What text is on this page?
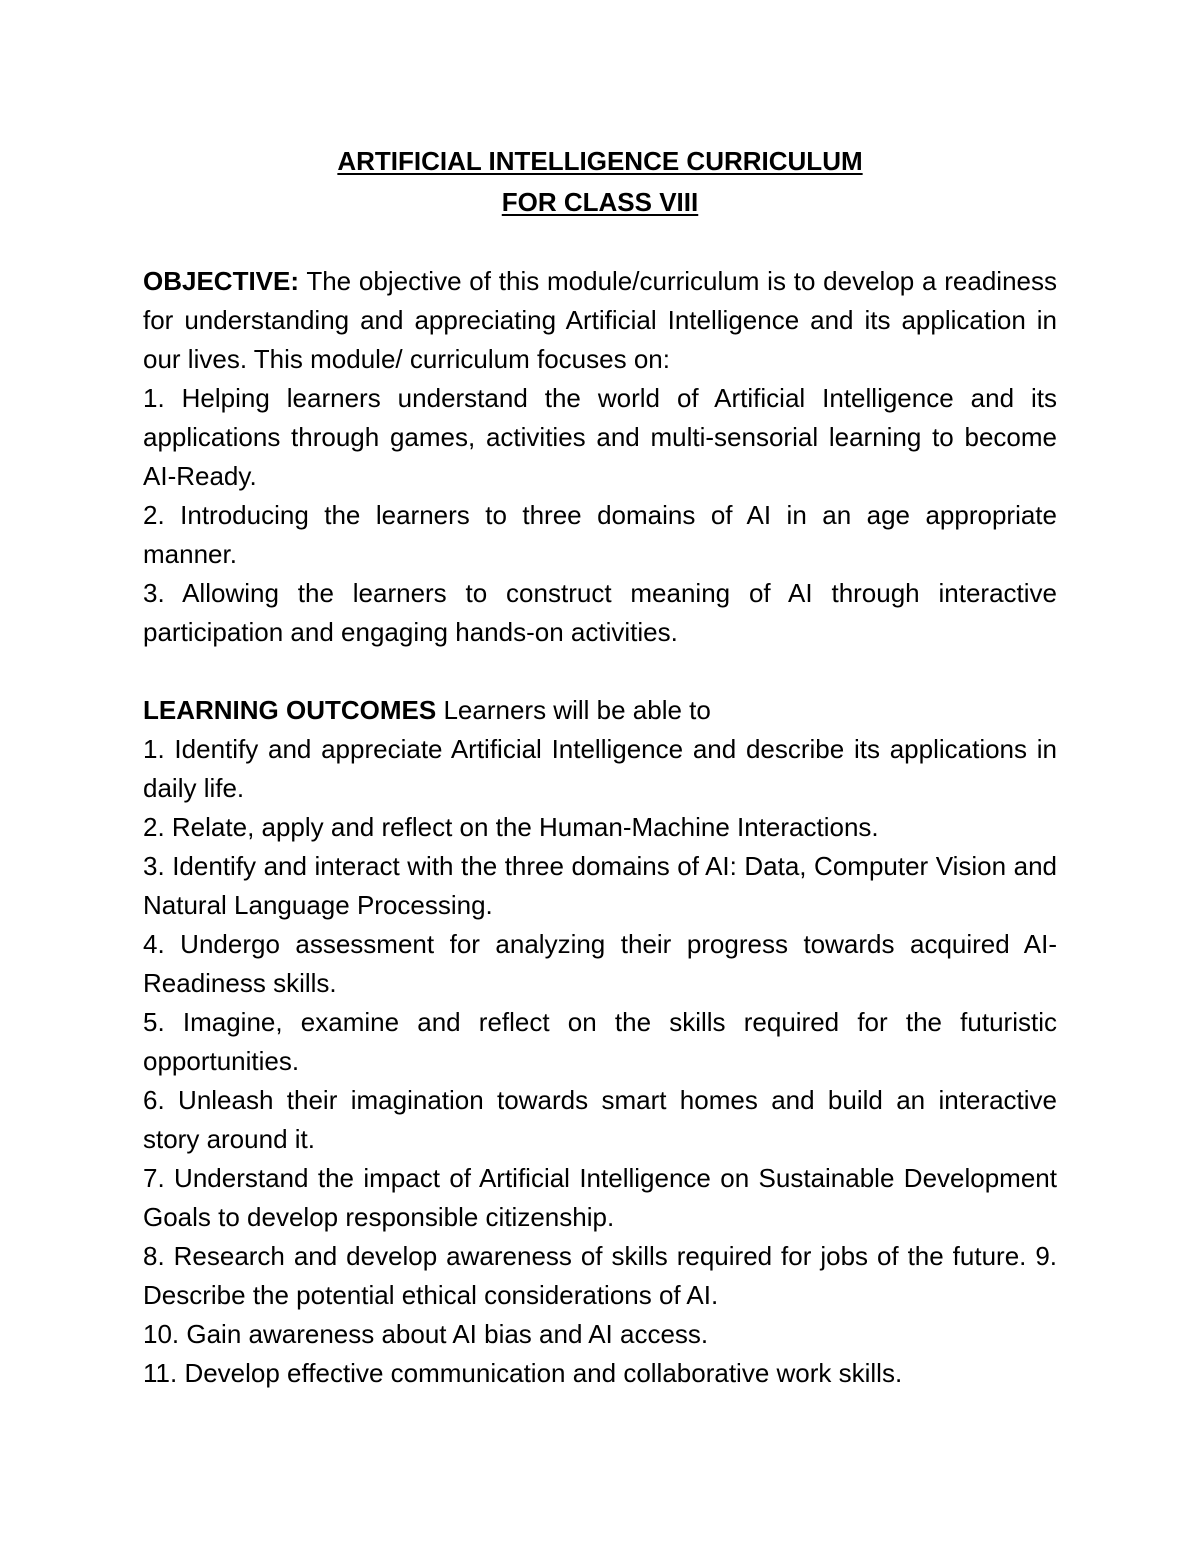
ARTIFICIAL INTELLIGENCE CURRICULUM
FOR CLASS VIII

OBJECTIVE: The objective of this module/curriculum is to develop a readiness for understanding and appreciating Artificial Intelligence and its application in our lives. This module/ curriculum focuses on:

1. Helping learners understand the world of Artificial Intelligence and its applications through games, activities and multi-sensorial learning to become AI-Ready.

2. Introducing the learners to three domains of AI in an age appropriate manner.

3. Allowing the learners to construct meaning of AI through interactive participation and engaging hands-on activities.

LEARNING OUTCOMES Learners will be able to

1. Identify and appreciate Artificial Intelligence and describe its applications in daily life.

2. Relate, apply and reflect on the Human-Machine Interactions.

3. Identify and interact with the three domains of AI: Data, Computer Vision and Natural Language Processing.

4. Undergo assessment for analyzing their progress towards acquired AI-Readiness skills.

5. Imagine, examine and reflect on the skills required for the futuristic opportunities.

6. Unleash their imagination towards smart homes and build an interactive story around it.

7. Understand the impact of Artificial Intelligence on Sustainable Development Goals to develop responsible citizenship.

8. Research and develop awareness of skills required for jobs of the future. 9. Describe the potential ethical considerations of AI.

10. Gain awareness about AI bias and AI access.

11. Develop effective communication and collaborative work skills.
